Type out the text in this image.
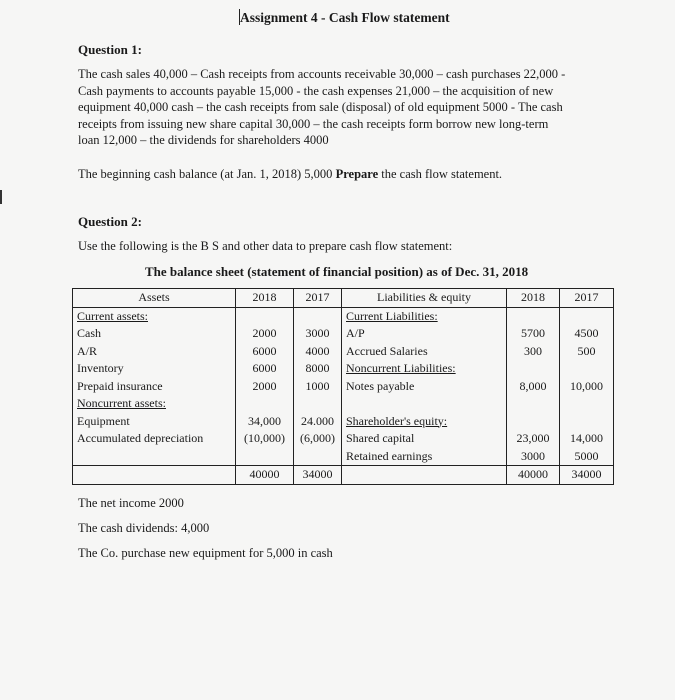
Assignment 4 - Cash Flow statement
Question 1:
The cash sales 40,000 – Cash receipts from accounts receivable 30,000 – cash purchases 22,000 -
Cash payments to accounts payable 15,000 - the cash expenses 21,000 – the acquisition of new
equipment 40,000 cash – the cash receipts from sale (disposal) of old equipment 5000 - The cash
receipts from issuing new share capital 30,000 – the cash receipts form borrow new long-term
loan 12,000 – the dividends for shareholders 4000
The beginning cash balance (at Jan. 1, 2018) 5,000 Prepare the cash flow statement.
Question 2:
Use the following is the B S and other data to prepare cash flow statement:
The balance sheet (statement of financial position) as of Dec. 31, 2018
Assets	2018	2017	Liabilities & equity	2018	2017
Current assets:			Current Liabilities:		
Cash	2000	3000	A/P	5700	4500
A/R	6000	4000	Accrued Salaries	300	500
Inventory	6000	8000	Noncurrent Liabilities:		
Prepaid insurance	2000	1000	Notes payable	8,000	10,000
Noncurrent assets:					
Equipment	34,000	24.000	Shareholder's equity:		
Accumulated depreciation	(10,000)	(6,000)	Shared capital	23,000	14,000
			Retained earnings	3000	5000
	40000	34000		40000	34000
The net income 2000
The cash dividends: 4,000
The Co. purchase new equipment for 5,000 in cash
